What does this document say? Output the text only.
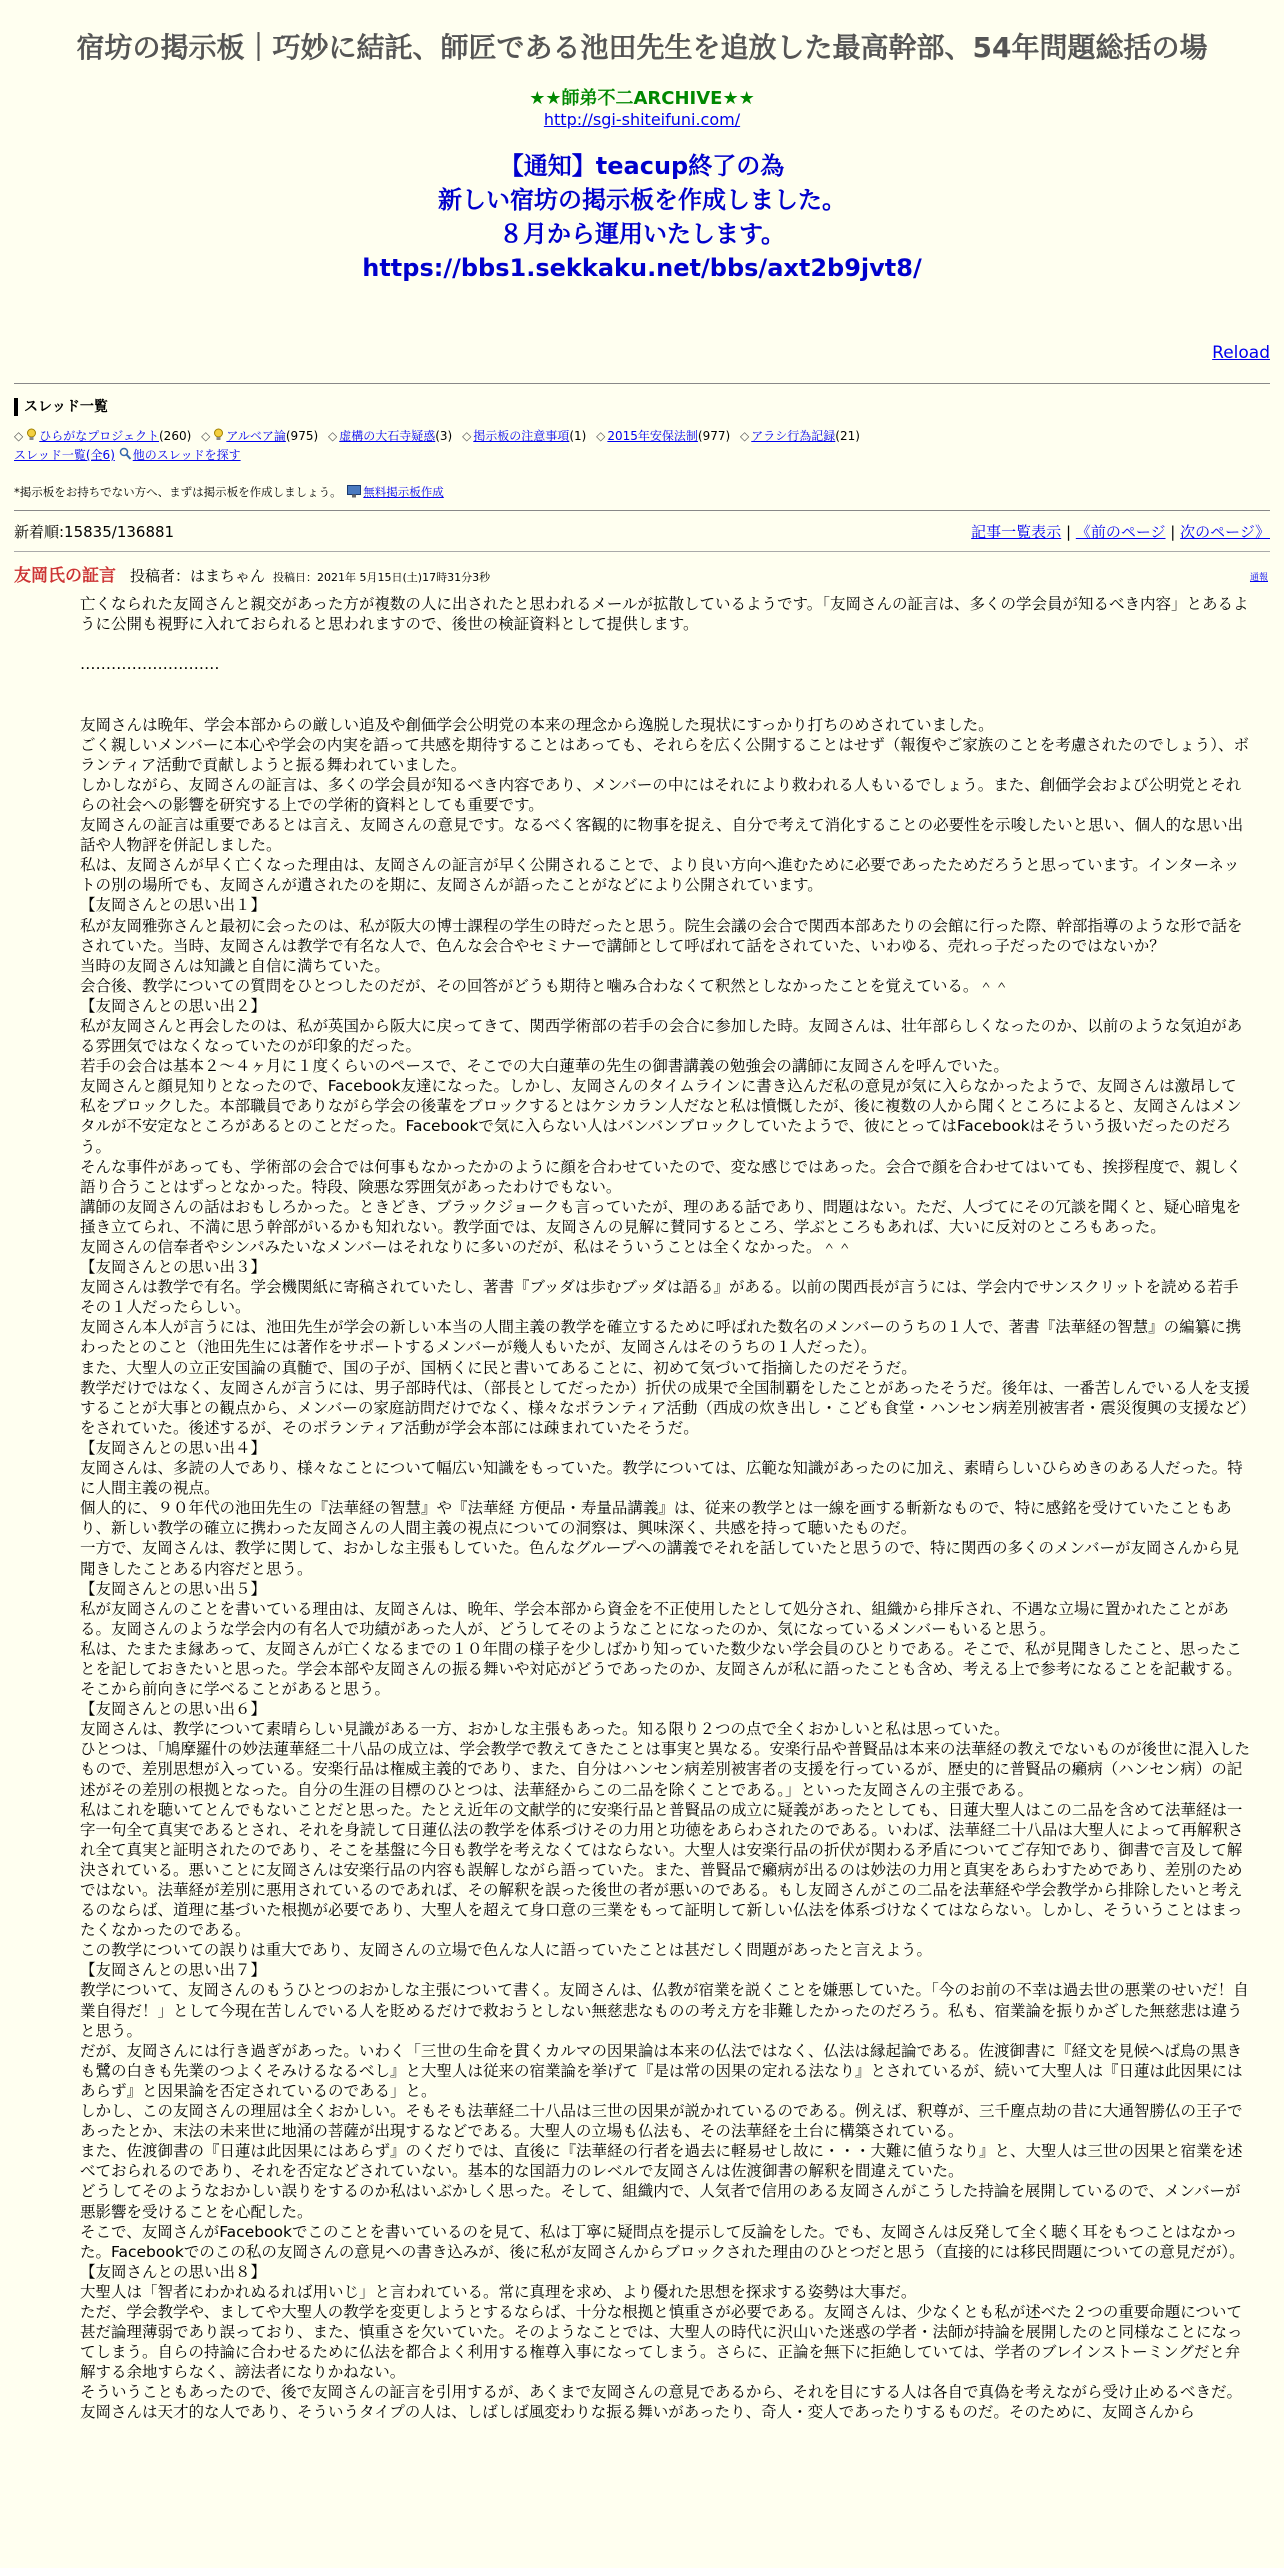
宿坊の掲示板｜巧妙に結託、師匠である池田先生を追放した最高幹部、54年問題総括の場
★★師弟不二ARCHIVE★★
http://sgi-shiteifuni.com/
【通知】teacup終了の為
新しい宿坊の掲示板を作成しました。
８月から運用いたします。
https://bbs1.sekkaku.net/bbs/axt2b9jvt8/
Reload
スレッド一覧
◇ ひらがなプロジェクト(260) ◇ アルベア論(975) ◇ 虚構の大石寺疑惑(3) ◇ 掲示板の注意事項(1) ◇ 2015年安保法制(977) ◇ アラシ行為記録(21)
スレッド一覧(全6) 他のスレッドを探す
*掲示板をお持ちでない方へ、まずは掲示板を作成しましょう。 無料掲示板作成
新着順:15835/136881	記事一覧表示 | 《前のページ | 次のページ》
友岡氏の証言 投稿者：はまちゃん 投稿日：2021年 5月15日(土)17時31分3秒	通報
亡くなられた友岡さんと親交があった方が複数の人に出されたと思われるメールが拡散しているようです。「友岡さんの証言は、多くの学会員が知るべき内容」とあるように公開も視野に入れておられると思われますので、後世の検証資料として提供します。

………………………

友岡さんは晩年、学会本部からの厳しい追及や創価学会公明党の本来の理念から逸脱した現状にすっかり打ちのめされていました。
ごく親しいメンバーに本心や学会の内実を語って共感を期待することはあっても、それらを広く公開することはせず（報復やご家族のことを考慮されたのでしょう）、ボランティア活動で貢献しようと振る舞われていました。
しかしながら、友岡さんの証言は、多くの学会員が知るべき内容であり、メンバーの中にはそれにより救われる人もいるでしょう。また、創価学会および公明党とそれらの社会への影響を研究する上での学術的資料としても重要です。
友岡さんの証言は重要であるとは言え、友岡さんの意見です。なるべく客観的に物事を捉え、自分で考えて消化することの必要性を示唆したいと思い、個人的な思い出話や人物評を併記しました。
私は、友岡さんが早く亡くなった理由は、友岡さんの証言が早く公開されることで、より良い方向へ進むために必要であったためだろうと思っています。インターネットの別の場所でも、友岡さんが遺されたのを期に、友岡さんが語ったことがなどにより公開されています。
【友岡さんとの思い出１】
私が友岡雅弥さんと最初に会ったのは、私が阪大の博士課程の学生の時だったと思う。院生会議の会合で関西本部あたりの会館に行った際、幹部指導のような形で話をされていた。当時、友岡さんは教学で有名な人で、色んな会合やセミナーで講師として呼ばれて話をされていた、いわゆる、売れっ子だったのではないか？
当時の友岡さんは知識と自信に満ちていた。
会合後、教学についての質問をひとつしたのだが、その回答がどうも期待と噛み合わなくて釈然としなかったことを覚えている。＾＾
【友岡さんとの思い出２】
私が友岡さんと再会したのは、私が英国から阪大に戻ってきて、関西学術部の若手の会合に参加した時。友岡さんは、壮年部らしくなったのか、以前のような気迫がある雰囲気ではなくなっていたのが印象的だった。
若手の会合は基本２〜４ヶ月に１度くらいのペースで、そこでの大白蓮華の先生の御書講義の勉強会の講師に友岡さんを呼んでいた。
友岡さんと顔見知りとなったので、Facebook友達になった。しかし、友岡さんのタイムラインに書き込んだ私の意見が気に入らなかったようで、友岡さんは激昂して私をブロックした。本部職員でありながら学会の後輩をブロックするとはケシカラン人だなと私は憤慨したが、後に複数の人から聞くところによると、友岡さんはメンタルが不安定なところがあるとのことだった。Facebookで気に入らない人はバンバンブロックしていたようで、彼にとってはFacebookはそういう扱いだったのだろう。
そんな事件があっても、学術部の会合では何事もなかったかのように顔を合わせていたので、変な感じではあった。会合で顔を合わせてはいても、挨拶程度で、親しく語り合うことはずっとなかった。特段、険悪な雰囲気があったわけでもない。
講師の友岡さんの話はおもしろかった。ときどき、ブラックジョークも言っていたが、理のある話であり、問題はない。ただ、人づてにその冗談を聞くと、疑心暗鬼を掻き立てられ、不満に思う幹部がいるかも知れない。教学面では、友岡さんの見解に賛同するところ、学ぶところもあれば、大いに反対のところもあった。
友岡さんの信奉者やシンパみたいなメンバーはそれなりに多いのだが、私はそういうことは全くなかった。＾＾
【友岡さんとの思い出３】
友岡さんは教学で有名。学会機関紙に寄稿されていたし、著書『ブッダは歩むブッダは語る』がある。以前の関西長が言うには、学会内でサンスクリットを読める若手その１人だったらしい。
友岡さん本人が言うには、池田先生が学会の新しい本当の人間主義の教学を確立するために呼ばれた数名のメンバーのうちの１人で、著書『法華経の智慧』の編纂に携わったとのこと（池田先生には著作をサポートするメンバーが幾人もいたが、友岡さんはそのうちの１人だった）。
また、大聖人の立正安国論の真髄で、国の子が、国柄くに民と書いてあることに、初めて気づいて指摘したのだそうだ。
教学だけではなく、友岡さんが言うには、男子部時代は、（部長としてだったか）折伏の成果で全国制覇をしたことがあったそうだ。後年は、一番苦しんでいる人を支援することが大事との観点から、メンバーの家庭訪問だけでなく、様々なボランティア活動（西成の炊き出し・こども食堂・ハンセン病差別被害者・震災復興の支援など）をされていた。後述するが、そのボランティア活動が学会本部には疎まれていたそうだ。
【友岡さんとの思い出４】
友岡さんは、多読の人であり、様々なことについて幅広い知識をもっていた。教学については、広範な知識があったのに加え、素晴らしいひらめきのある人だった。特に人間主義の視点。
個人的に、９０年代の池田先生の『法華経の智慧』や『法華経 方便品・寿量品講義』は、従来の教学とは一線を画する斬新なもので、特に感銘を受けていたこともあり、新しい教学の確立に携わった友岡さんの人間主義の視点についての洞察は、興味深く、共感を持って聴いたものだ。
一方で、友岡さんは、教学に関して、おかしな主張もしていた。色んなグループへの講義でそれを話していたと思うので、特に関西の多くのメンバーが友岡さんから見聞きしたことある内容だと思う。
【友岡さんとの思い出５】
私が友岡さんのことを書いている理由は、友岡さんは、晩年、学会本部から資金を不正使用したとして処分され、組織から排斥され、不遇な立場に置かれたことがある。友岡さんのような学会内の有名人で功績があった人が、どうしてそのようなことになったのか、気になっているメンバーもいると思う。
私は、たまたま縁あって、友岡さんが亡くなるまでの１０年間の様子を少しばかり知っていた数少ない学会員のひとりである。そこで、私が見聞きしたこと、思ったことを記しておきたいと思った。学会本部や友岡さんの振る舞いや対応がどうであったのか、友岡さんが私に語ったことも含め、考える上で参考になることを記載する。そこから前向きに学べることがあると思う。
【友岡さんとの思い出６】
友岡さんは、教学について素晴らしい見識がある一方、おかしな主張もあった。知る限り２つの点で全くおかしいと私は思っていた。
ひとつは、「鳩摩羅什の妙法蓮華経二十八品の成立は、学会教学で教えてきたことは事実と異なる。安楽行品や普賢品は本来の法華経の教えでないものが後世に混入したもので、差別思想が入っている。安楽行品は権威主義的であり、また、自分はハンセン病差別被害者の支援を行っているが、歴史的に普賢品の癩病（ハンセン病）の記述がその差別の根拠となった。自分の生涯の目標のひとつは、法華経からこの二品を除くことである。」といった友岡さんの主張である。
私はこれを聴いてとんでもないことだと思った。たとえ近年の文献学的に安楽行品と普賢品の成立に疑義があったとしても、日蓮大聖人はこの二品を含めて法華経は一字一句全て真実であるとされ、それを身読して日蓮仏法の教学を体系づけその力用と功徳をあらわされたのである。いわば、法華経二十八品は大聖人によって再解釈され全て真実と証明されたのであり、そこを基盤に今日も教学を考えなくてはならない。大聖人は安楽行品の折伏が関わる矛盾についてご存知であり、御書で言及して解決されている。悪いことに友岡さんは安楽行品の内容も誤解しながら語っていた。また、普賢品で癩病が出るのは妙法の力用と真実をあらわすためであり、差別のためではない。法華経が差別に悪用されているのであれば、その解釈を誤った後世の者が悪いのである。もし友岡さんがこの二品を法華経や学会教学から排除したいと考えるのならば、道理に基づいた根拠が必要であり、大聖人を超えて身口意の三業をもって証明して新しい仏法を体系づけなくてはならない。しかし、そういうことはまったくなかったのである。
この教学についての誤りは重大であり、友岡さんの立場で色んな人に語っていたことは甚だしく問題があったと言えよう。
【友岡さんとの思い出７】
教学について、友岡さんのもうひとつのおかしな主張について書く。友岡さんは、仏教が宿業を説くことを嫌悪していた。「今のお前の不幸は過去世の悪業のせいだ！自業自得だ！」として今現在苦しんでいる人を貶めるだけで救おうとしない無慈悲なものの考え方を非難したかったのだろう。私も、宿業論を振りかざした無慈悲は違うと思う。
だが、友岡さんには行き過ぎがあった。いわく「三世の生命を貫くカルマの因果論は本来の仏法ではなく、仏法は縁起論である。佐渡御書に『経文を見候へば鳥の黒きも鷺の白きも先業のつよくそみけるなるべし』と大聖人は従来の宿業論を挙げて『是は常の因果の定れる法なり』とされているが、続いて大聖人は『日蓮は此因果にはあらず』と因果論を否定されているのである」と。
しかし、この友岡さんの理屈は全くおかしい。そもそも法華経二十八品は三世の因果が説かれているのである。例えば、釈尊が、三千塵点劫の昔に大通智勝仏の王子であったとか、末法の未来世に地涌の菩薩が出現するなどである。大聖人の立場も仏法も、その法華経を土台に構築されている。
また、佐渡御書の『日蓮は此因果にはあらず』のくだりでは、直後に『法華経の行者を過去に軽易せし故に・・・大難に値うなり』と、大聖人は三世の因果と宿業を述べておられるのであり、それを否定などされていない。基本的な国語力のレベルで友岡さんは佐渡御書の解釈を間違えていた。
どうしてそのようなおかしい誤りをするのか私はいぶかしく思った。そして、組織内で、人気者で信用のある友岡さんがこうした持論を展開しているので、メンバーが悪影響を受けることを心配した。
そこで、友岡さんがFacebookでこのことを書いているのを見て、私は丁寧に疑問点を提示して反論をした。でも、友岡さんは反発して全く聴く耳をもつことはなかった。Facebookでのこの私の友岡さんの意見への書き込みが、後に私が友岡さんからブロックされた理由のひとつだと思う（直接的には移民問題についての意見だが）。
【友岡さんとの思い出８】
大聖人は「智者にわかれぬるれば用いじ」と言われている。常に真理を求め、より優れた思想を探求する姿勢は大事だ。
ただ、学会教学や、ましてや大聖人の教学を変更しようとするならば、十分な根拠と慎重さが必要である。友岡さんは、少なくとも私が述べた２つの重要命題について甚だ論理薄弱であり誤っており、また、慎重さを欠いていた。そのようなことでは、大聖人の時代に沢山いた迷惑の学者・法師が持論を展開したのと同様なことになってしまう。自らの持論に合わせるために仏法を都合よく利用する権尊入事になってしまう。さらに、正論を無下に拒絶していては、学者のブレインストーミングだと弁解する余地すらなく、謗法者になりかねない。
そういうこともあったので、後で友岡さんの証言を引用するが、あくまで友岡さんの意見であるから、それを目にする人は各自で真偽を考えながら受け止めるべきだ。
友岡さんは天才的な人であり、そういうタイプの人は、しばしば風変わりな振る舞いがあったり、奇人・変人であったりするものだ。そのために、友岡さんから
